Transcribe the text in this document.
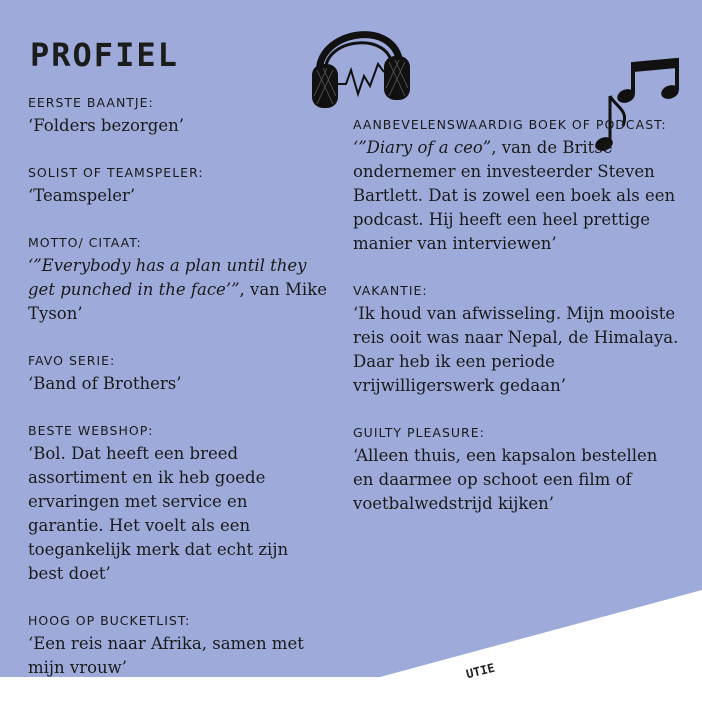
PROFIEL
EERSTE BAANTJE:
‘Folders bezorgen’
SOLIST OF TEAMSPELER:
‘Teamspeler’
MOTTO/ CITAAT:
‘”Everybody has a plan until they get punched in the face’”, van Mike Tyson’
FAVO SERIE:
‘Band of Brothers’
BESTE WEBSHOP:
‘Bol. Dat heeft een breed assortiment en ik heb goede ervaringen met service en garantie. Het voelt als een toegankelijk merk dat echt zijn best doet’
HOOG OP BUCKETLIST:
‘Een reis naar Afrika, samen met mijn vrouw’
AANBEVELENSWAARDIG BOEK OF PODCAST:
‘”Diary of a ceo”, van de Britse ondernemer en investeerder Steven Bartlett. Dat is zowel een boek als een podcast. Hij heeft een heel prettige manier van interviewen’
VAKANTIE:
‘Ik houd van afwisseling. Mijn mooiste reis ooit was naar Nepal, de Himalaya. Daar heb ik een periode vrijwilligerswerk gedaan’
GUILTY PLEASURE:
‘Alleen thuis, een kapsalon bestellen en daarmee op schoot een film of voetbalwedstrijd kijken’
UTIE
